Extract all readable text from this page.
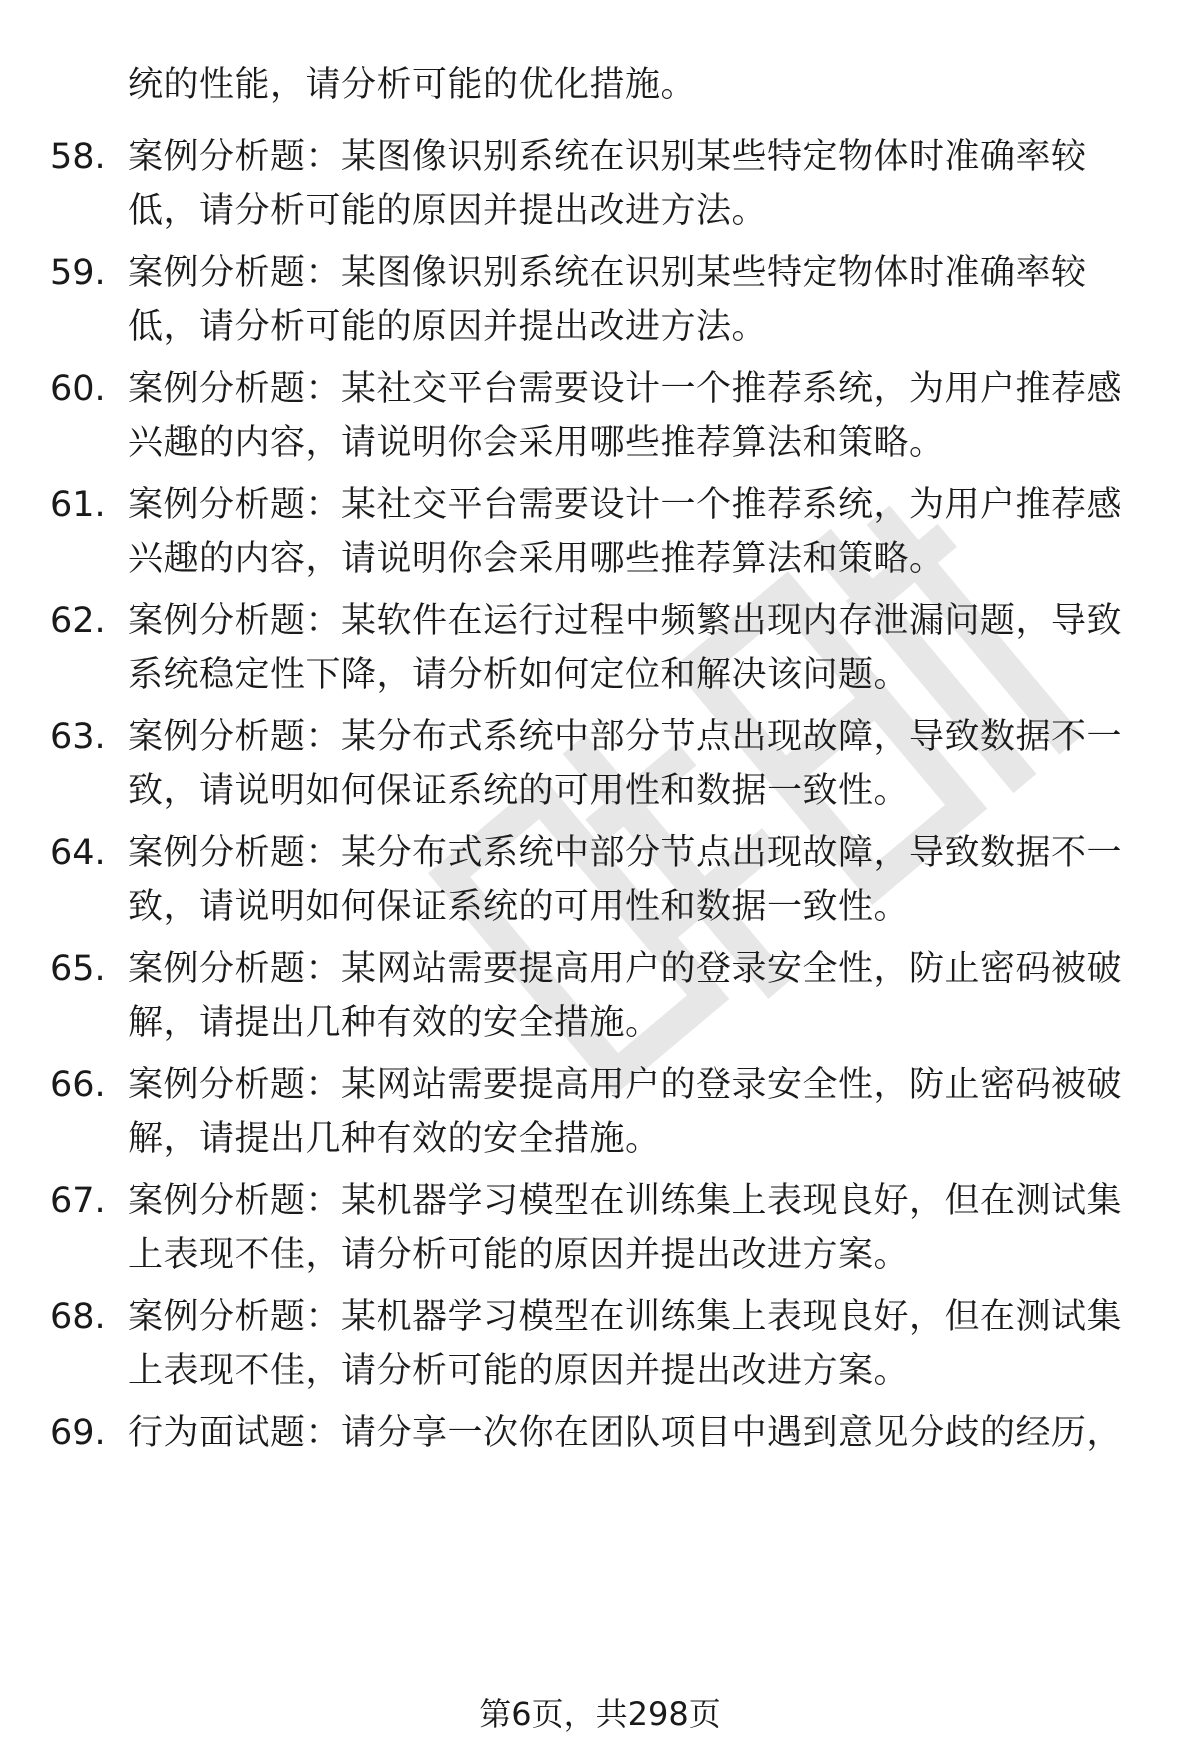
统的性能，请分析可能的优化措施。
58. 案例分析题：某图像识别系统在识别某些特定物体时准确率较
低，请分析可能的原因并提出改进方法。
59. 案例分析题：某图像识别系统在识别某些特定物体时准确率较
低，请分析可能的原因并提出改进方法。
60. 案例分析题：某社交平台需要设计一个推荐系统，为用户推荐感
兴趣的内容，请说明你会采用哪些推荐算法和策略。
61. 案例分析题：某社交平台需要设计一个推荐系统，为用户推荐感
兴趣的内容，请说明你会采用哪些推荐算法和策略。
62. 案例分析题：某软件在运行过程中频繁出现内存泄漏问题，导致
系统稳定性下降，请分析如何定位和解决该问题。
63. 案例分析题：某分布式系统中部分节点出现故障，导致数据不一
致，请说明如何保证系统的可用性和数据一致性。
64. 案例分析题：某分布式系统中部分节点出现故障，导致数据不一
致，请说明如何保证系统的可用性和数据一致性。
65. 案例分析题：某网站需要提高用户的登录安全性，防止密码被破
解，请提出几种有效的安全措施。
66. 案例分析题：某网站需要提高用户的登录安全性，防止密码被破
解，请提出几种有效的安全措施。
67. 案例分析题：某机器学习模型在训练集上表现良好，但在测试集
上表现不佳，请分析可能的原因并提出改进方案。
68. 案例分析题：某机器学习模型在训练集上表现良好，但在测试集
上表现不佳，请分析可能的原因并提出改进方案。
69. 行为面试题：请分享一次你在团队项目中遇到意见分歧的经历，
第6页，共298页
